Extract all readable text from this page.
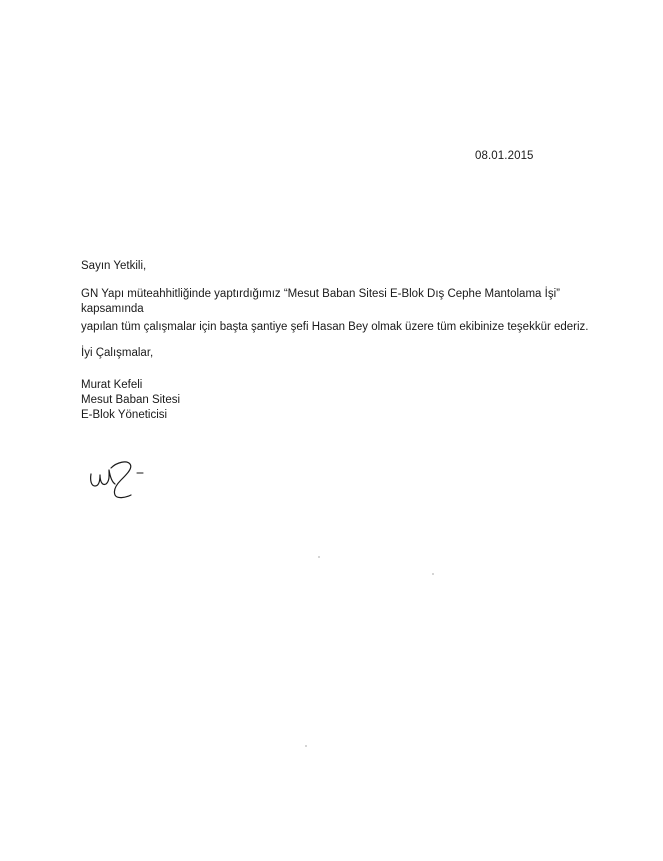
08.01.2015
Sayın Yetkili,
GN Yapı müteahhitliğinde yaptırdığımız “Mesut Baban Sitesi E-Blok Dış Cephe Mantolama İşi”
kapsamında
yapılan tüm çalışmalar için başta şantiye şefi Hasan Bey olmak üzere tüm ekibinize teşekkür ederiz.
İyi Çalışmalar,
Murat Kefeli
Mesut Baban Sitesi
E-Blok Yöneticisi
